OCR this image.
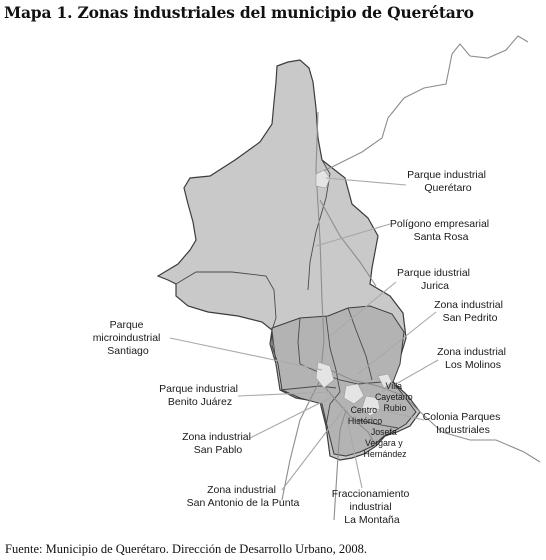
Mapa 1. Zonas industriales del municipio de Querétaro
Parque industrial Querétaro
Polígono empresarial Santa Rosa
Parque idustrial Jurica
Zona industrial San Pedrito
Zona industrial Los Molinos
Colonia Parques Industriales
Fraccionamiento industrial La Montaña
Zona industrial San Antonio de la Punta
Zona industrial San Pablo
Parque industrial Benito Juárez
Parque microindustrial Santiago
Villa Cayetano Rubio
Centro Histórico
Josefa Vergara y Hernández
Fuente: Municipio de Querétaro. Dirección de Desarrollo Urbano, 2008.
